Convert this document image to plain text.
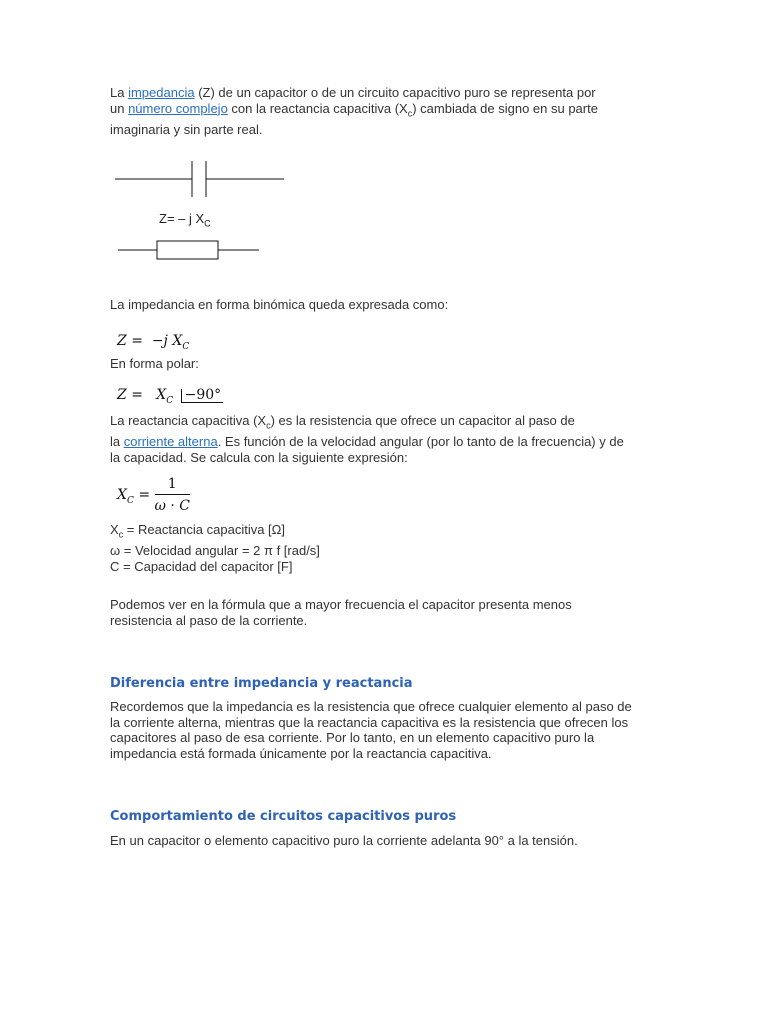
La impedancia (Z) de un capacitor o de un circuito capacitivo puro se representa por
un número complejo con la reactancia capacitiva $(X_c)$ cambiada de signo en su parte
imaginaria y sin parte real.

Z= – j $X_C$

La impedancia en forma binómica queda expresada como:

Z = −j $X_C$

En forma polar:

$Z = X_C -90^\circ$

La reactancia capacitiva $(X_c)$ es la resistencia que ofrece un capacitor al paso de
la corriente alterna. Es función de la velocidad angular (por lo tanto de la frecuencia) y de
la capacidad. Se calcula con la siguiente expresión:

$X_C = \frac{1}{\omega \cdot C}$
$X_c$ = Reactancia capacitiva [Ω]
ω = Velocidad angular = 2 π f [rad/s]
C = Capacidad del capacitor [F]

Podemos ver en la fórmula que a mayor frecuencia el capacitor presenta menos
resistencia al paso de la corriente.

Diferencia entre impedancia y reactancia

Recordemos que la impedancia es la resistencia que ofrece cualquier elemento al paso de
la corriente alterna, mientras que la reactancia capacitiva es la resistencia que ofrecen los
capacitores al paso de esa corriente. Por lo tanto, en un elemento capacitivo puro la
impedancia está formada únicamente por la reactancia capacitiva.

Comportamiento de circuitos capacitivos puros

En un capacitor o elemento capacitivo puro la corriente adelanta 90° a la tensión.
